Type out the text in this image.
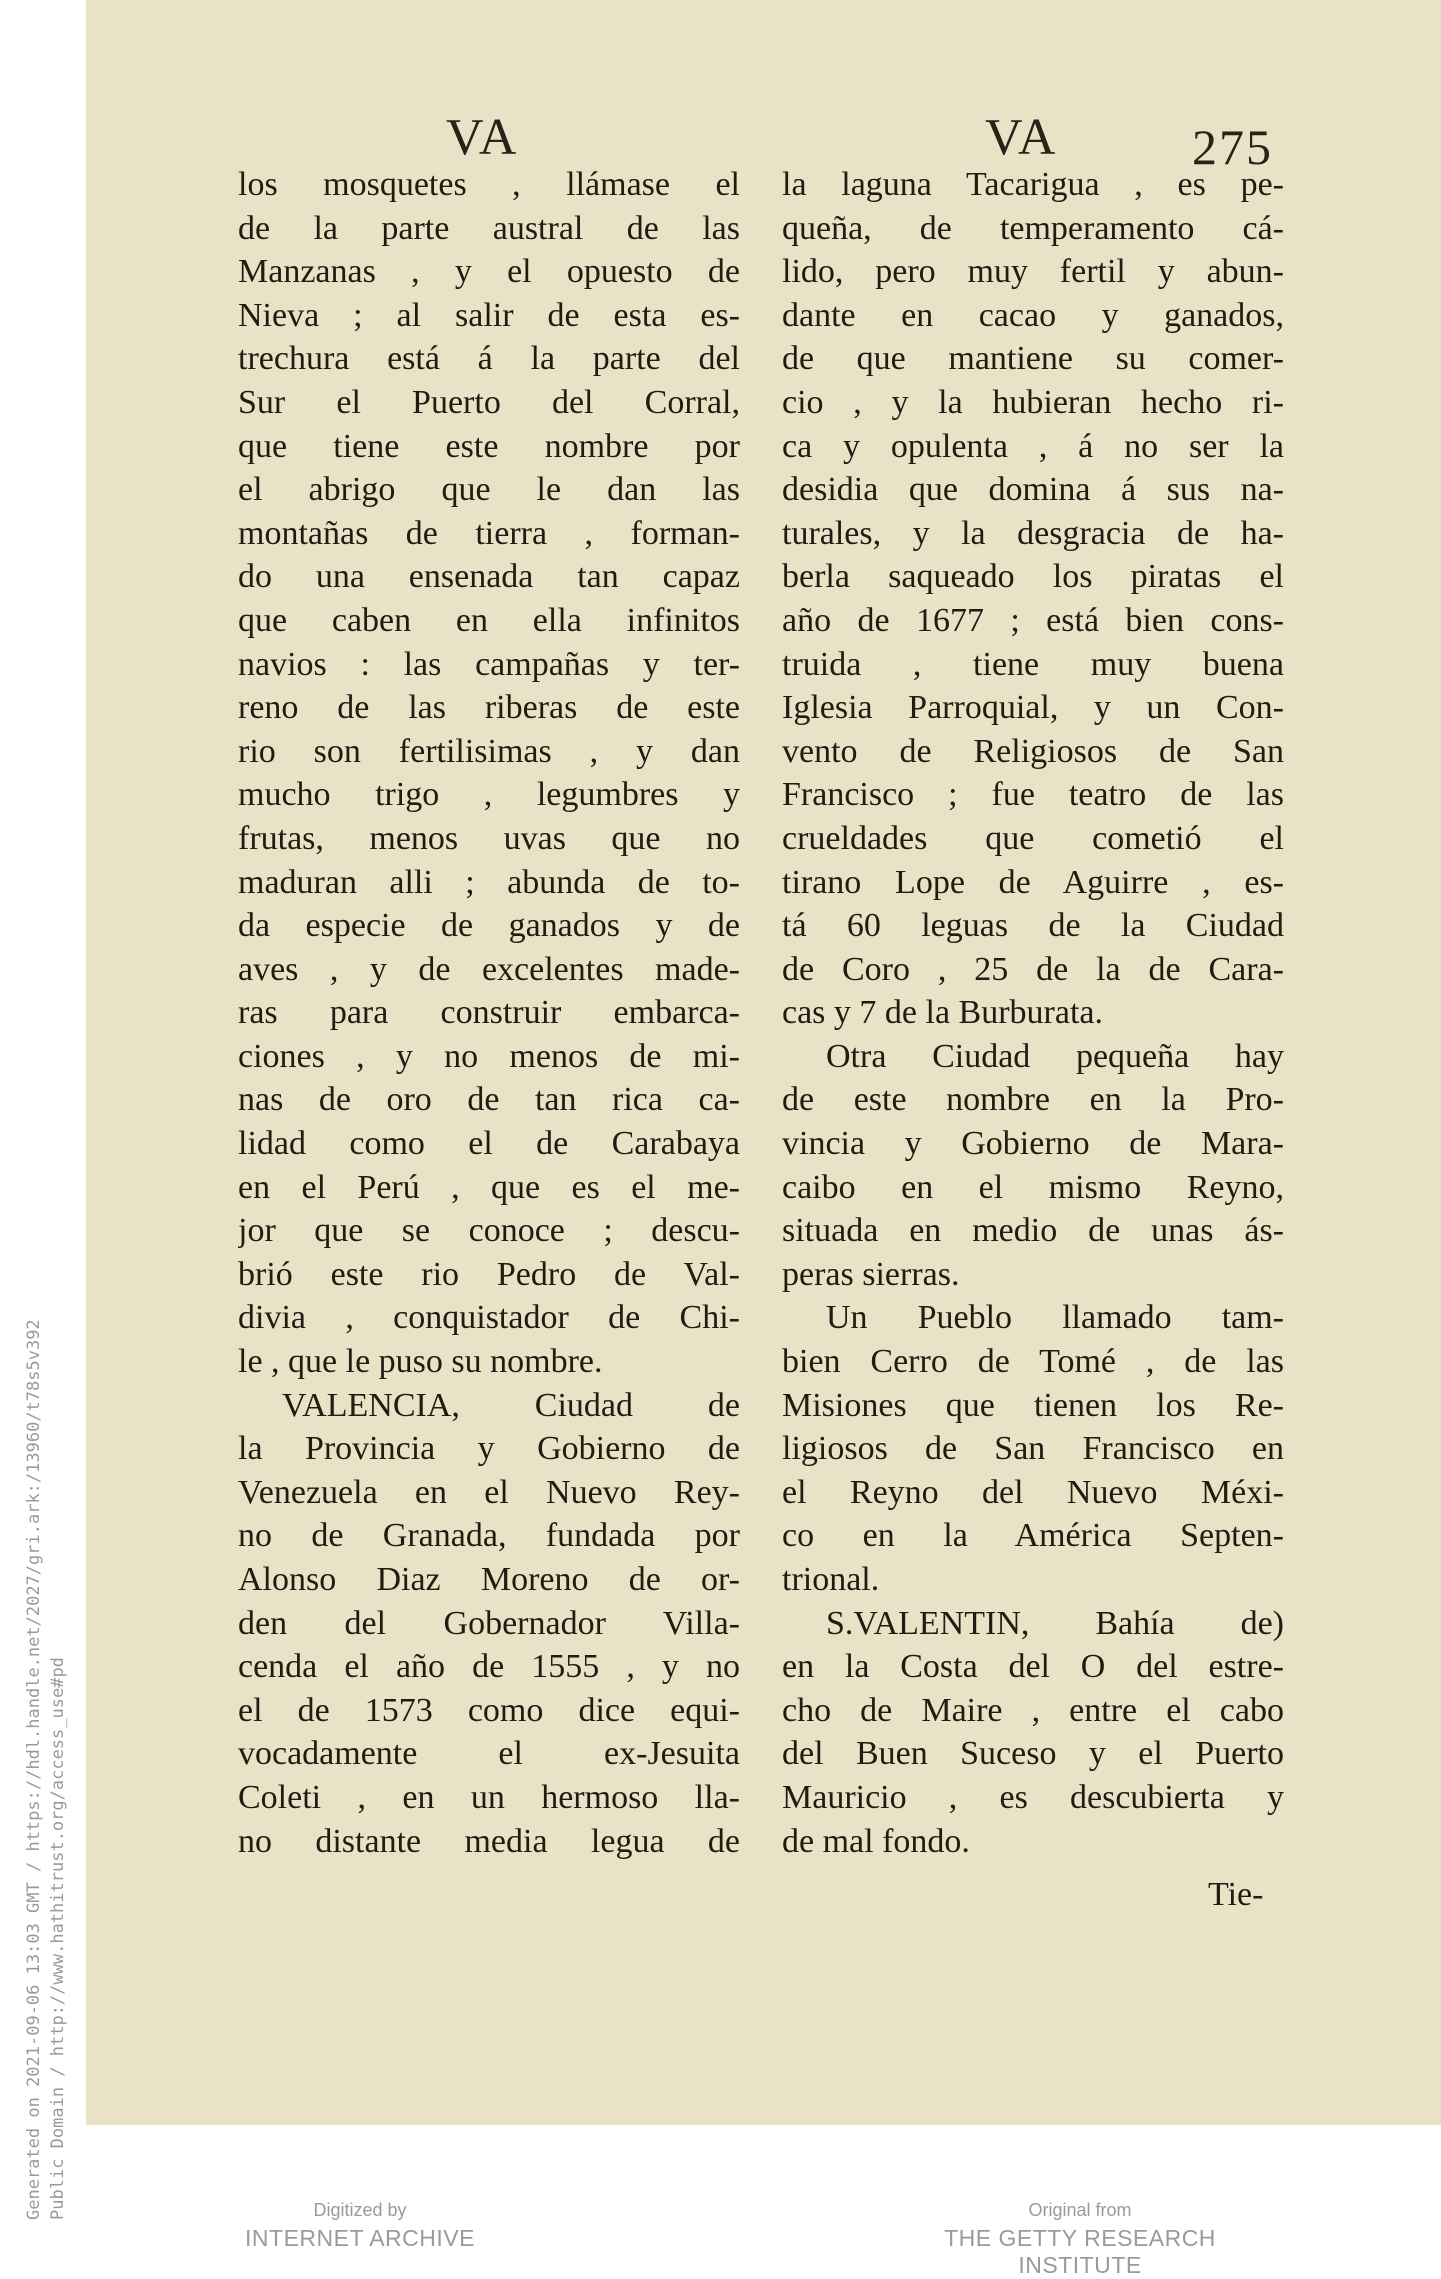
Generated on 2021-09-06 13:03 GMT / https://hdl.handle.net/2027/gri.ark:/13960/t78s5v392 Public Domain / http://www.hathitrust.org/access_use#pd
VA	VA	275
los mosquetes , llámase el
de la parte austral de las
Manzanas , y el opuesto de
Nieva ; al salir de esta es-
trechura está á la parte del
Sur el Puerto del Corral,
que tiene este nombre por
el abrigo que le dan las
montañas de tierra , forman-
do una ensenada tan capaz
que caben en ella infinitos
navios : las campañas y ter-
reno de las riberas de este
rio son fertilisimas , y dan
mucho trigo , legumbres y
frutas, menos uvas que no
maduran alli ; abunda de to-
da especie de ganados y de
aves , y de excelentes made-
ras para construir embarca-
ciones , y no menos de mi-
nas de oro de tan rica ca-
lidad como el de Carabaya
en el Perú , que es el me-
jor que se conoce ; descu-
brió este rio Pedro de Val-
divia , conquistador de Chi-
le , que le puso su nombre.
VALENCIA, Ciudad de
la Provincia y Gobierno de
Venezuela en el Nuevo Rey-
no de Granada, fundada por
Alonso Diaz Moreno de or-
den del Gobernador Villa-
cenda el año de 1555 , y no
el de 1573 como dice equi-
vocadamente el ex-Jesuita
Coleti , en un hermoso lla-
no distante media legua de
la laguna Tacarigua , es pe-
queña, de temperamento cá-
lido, pero muy fertil y abun-
dante en cacao y ganados,
de que mantiene su comer-
cio , y la hubieran hecho ri-
ca y opulenta , á no ser la
desidia que domina á sus na-
turales, y la desgracia de ha-
berla saqueado los piratas el
año de 1677 ; está bien cons-
truida , tiene muy buena
Iglesia Parroquial, y un Con-
vento de Religiosos de San
Francisco ; fue teatro de las
crueldades que cometió el
tirano Lope de Aguirre , es-
tá 60 leguas de la Ciudad
de Coro , 25 de la de Cara-
cas y 7 de la Burburata.
Otra Ciudad pequeña hay
de este nombre en la Pro-
vincia y Gobierno de Mara-
caibo en el mismo Reyno,
situada en medio de unas ás-
peras sierras.
Un Pueblo llamado tam-
bien Cerro de Tomé , de las
Misiones que tienen los Re-
ligiosos de San Francisco en
el Reyno del Nuevo Méxi-
co en la América Septen-
trional.
S.VALENTIN, Bahía de)
en la Costa del O del estre-
cho de Maire , entre el cabo
del Buen Suceso y el Puerto
Mauricio , es descubierta y
de mal fondo.
Tie-
Digitized by
INTERNET ARCHIVE
Original from
THE GETTY RESEARCH INSTITUTE
